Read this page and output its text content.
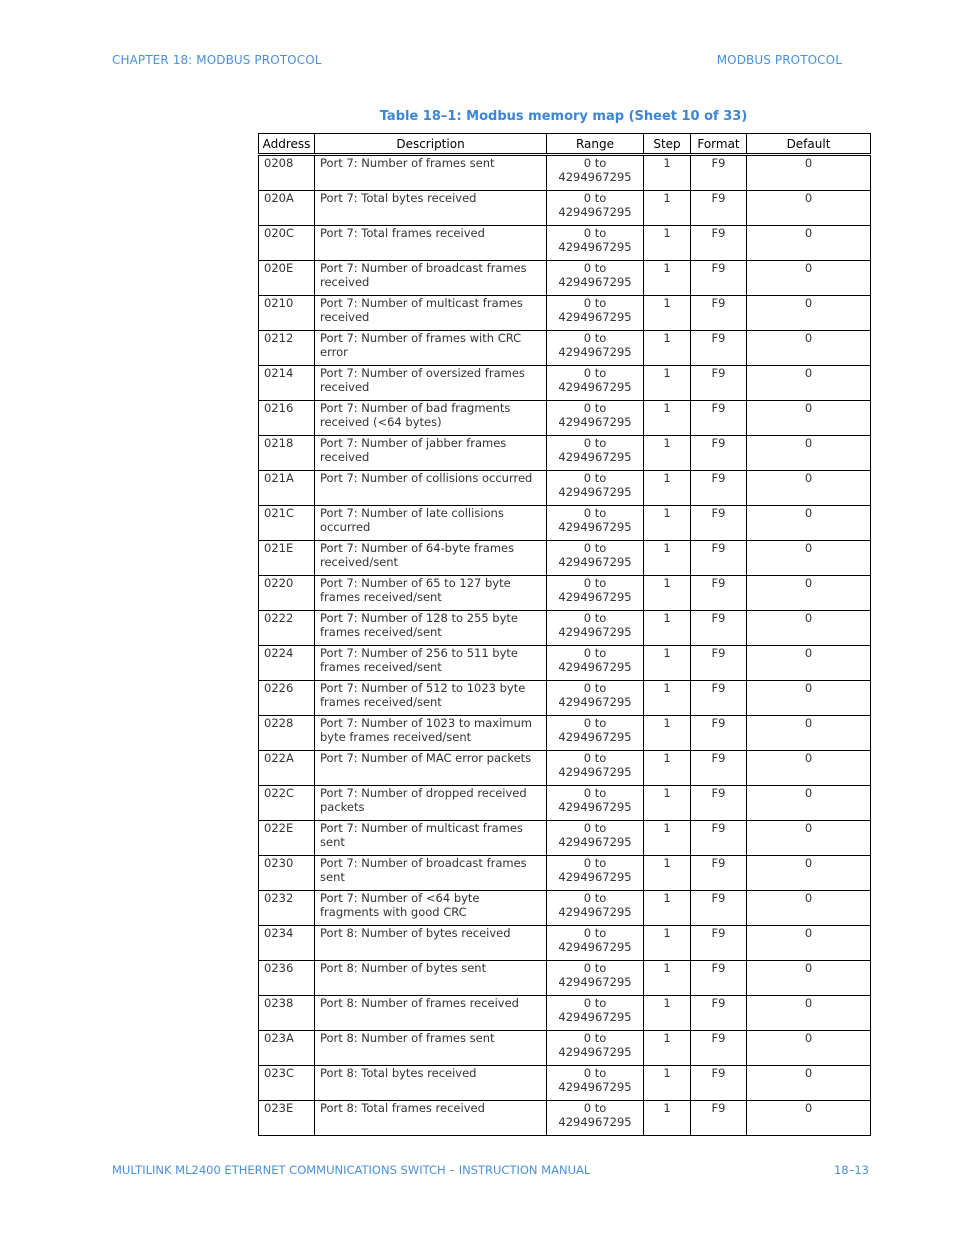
CHAPTER 18: MODBUS PROTOCOL	MODBUS PROTOCOL
Table 18–1: Modbus memory map (Sheet 10 of 33)
Address	Description	Range	Step	Format	Default
0208	Port 7: Number of frames sent	0 to
4294967295	1	F9	0
020A	Port 7: Total bytes received	0 to
4294967295	1	F9	0
020C	Port 7: Total frames received	0 to
4294967295	1	F9	0
020E	Port 7: Number of broadcast frames received	0 to
4294967295	1	F9	0
0210	Port 7: Number of multicast frames received	0 to
4294967295	1	F9	0
0212	Port 7: Number of frames with CRC error	0 to
4294967295	1	F9	0
0214	Port 7: Number of oversized frames received	0 to
4294967295	1	F9	0
0216	Port 7: Number of bad fragments received (<64 bytes)	0 to
4294967295	1	F9	0
0218	Port 7: Number of jabber frames received	0 to
4294967295	1	F9	0
021A	Port 7: Number of collisions occurred	0 to
4294967295	1	F9	0
021C	Port 7: Number of late collisions occurred	0 to
4294967295	1	F9	0
021E	Port 7: Number of 64-byte frames received/sent	0 to
4294967295	1	F9	0
0220	Port 7: Number of 65 to 127 byte frames received/sent	0 to
4294967295	1	F9	0
0222	Port 7: Number of 128 to 255 byte frames received/sent	0 to
4294967295	1	F9	0
0224	Port 7: Number of 256 to 511 byte frames received/sent	0 to
4294967295	1	F9	0
0226	Port 7: Number of 512 to 1023 byte frames received/sent	0 to
4294967295	1	F9	0
0228	Port 7: Number of 1023 to maximum byte frames received/sent	0 to
4294967295	1	F9	0
022A	Port 7: Number of MAC error packets	0 to
4294967295	1	F9	0
022C	Port 7: Number of dropped received packets	0 to
4294967295	1	F9	0
022E	Port 7: Number of multicast frames sent	0 to
4294967295	1	F9	0
0230	Port 7: Number of broadcast frames sent	0 to
4294967295	1	F9	0
0232	Port 7: Number of <64 byte fragments with good CRC	0 to
4294967295	1	F9	0
0234	Port 8: Number of bytes received	0 to
4294967295	1	F9	0
0236	Port 8: Number of bytes sent	0 to
4294967295	1	F9	0
0238	Port 8: Number of frames received	0 to
4294967295	1	F9	0
023A	Port 8: Number of frames sent	0 to
4294967295	1	F9	0
023C	Port 8: Total bytes received	0 to
4294967295	1	F9	0
023E	Port 8: Total frames received	0 to
4294967295	1	F9	0
MULTILINK ML2400 ETHERNET COMMUNICATIONS SWITCH – INSTRUCTION MANUAL	18–13
